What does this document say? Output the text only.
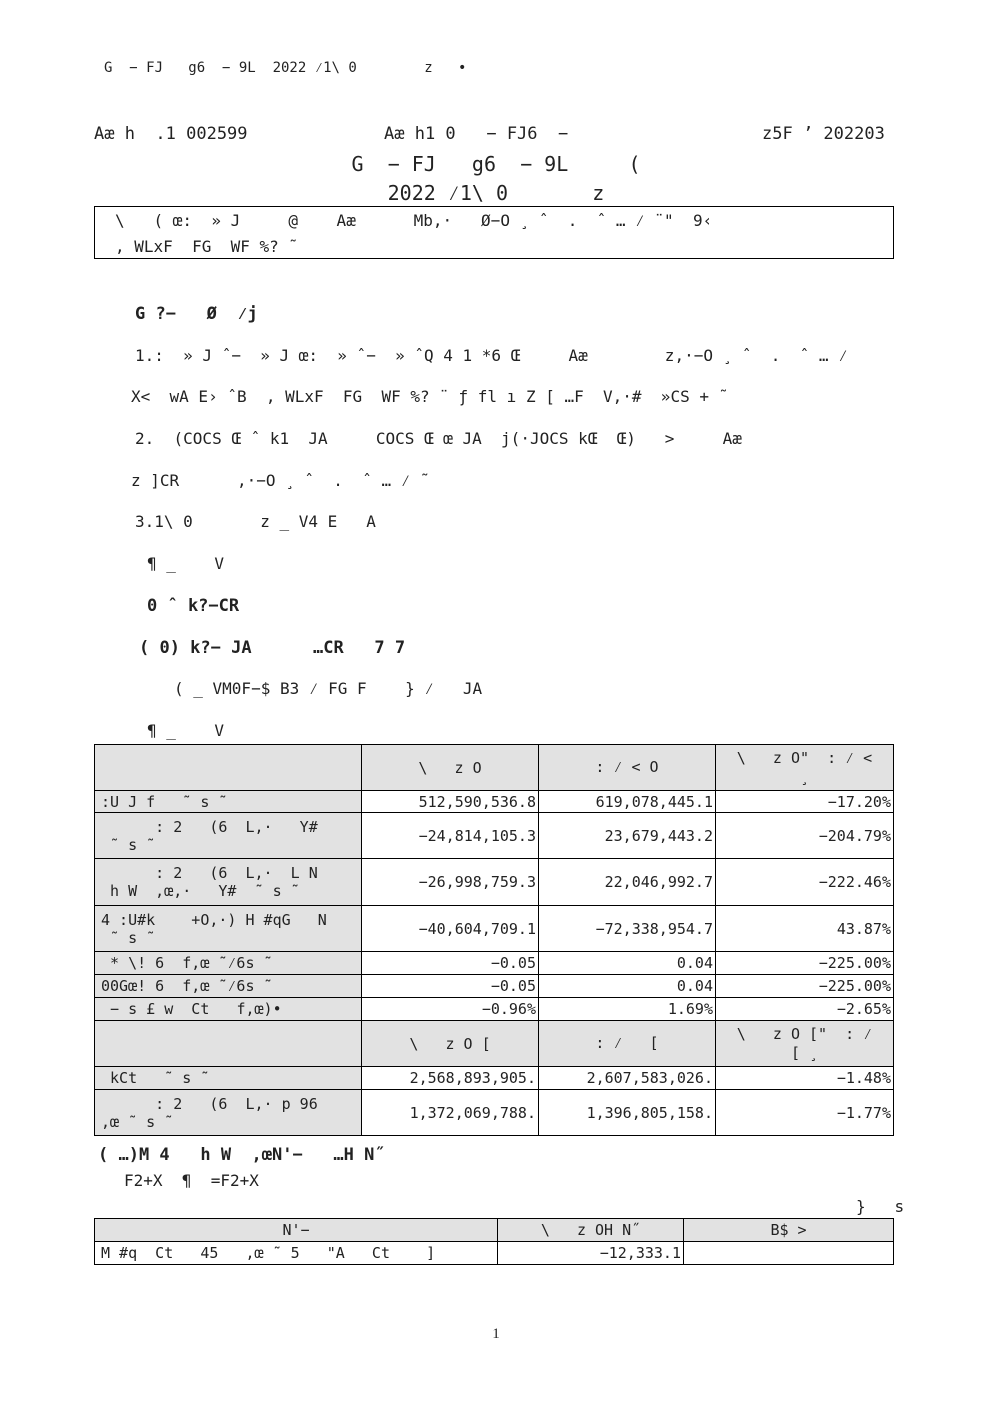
G  − FJ   g6  − 9L  2022 ⁄1\ 0        z   •
Aæ h  .1 002599	Aæ h1 0   − FJ6  −	z5F ’ 202203
G  − FJ   g6  − 9L     (
2022 ⁄1\ 0       z
\   ( œ:  » J     @    Aæ      Mb,·   Ø−O ¸ ˆ  .  ˆ … ⁄ ¨"  9‹
, WLxF  FG  WF %? ˜
G ?−   Ø  ⁄j
1.:  » J ˆ−  » J œ:  » ˆ−  » ˆQ 4 1 *6 Œ     Aæ        z,·−O ¸ ˆ  .  ˆ … ⁄
X<  wA E› ˆB  , WLxF  FG  WF %? ¨ ƒ fl ı Z [ …F  V,·#  »CS + ˜
2.  (COCS Œ ˆ k1  JA     COCS Œ œ JA  j(·JOCS kŒ  Œ)   >     Aæ
z ]CR      ,·−O ¸ ˆ  .  ˆ … ⁄ ˜
3.1\ 0       z _ V4 E   A
¶ _    V
0 ˆ k?−CR
( 0) k?− JA      …CR   7 7
( _ VM0F−$ B3 ⁄ FG F    } ⁄   JA
¶ _    V
	\   z O	: ⁄ < O	\   z O"  : ⁄ <
¸
:U J f   ˜ s ˜	512,590,536.8	619,078,445.1	−17.20%
: 2   (6  L,·   Y#
˜ s ˜	−24,814,105.3	23,679,443.2	−204.79%
: 2   (6  L,·  L N
h W  ,œ,·   Y#  ˜ s ˜	−26,998,759.3	22,046,992.7	−222.46%
4 :U#k    +O,·) H #qG   N
˜ s ˜	−40,604,709.1	−72,338,954.7	43.87%
* \! 6  f,œ ˜⁄6s ˜	−0.05	0.04	−225.00%
00Gœ! 6  f,œ ˜⁄6s ˜	−0.05	0.04	−225.00%
− s £ w  Ct   f,œ)•	−0.96%	1.69%	−2.65%
	\   z O [	: ⁄   [	\   z O ["  : ⁄
[ ¸
kCt   ˜ s ˜	2,568,893,905.	2,607,583,026.	−1.48%
: 2   (6  L,· p 96
,œ ˜ s ˜	1,372,069,788.	1,396,805,158.	−1.77%
( …)M 4   h W  ,œN'−   …H N˝
F2+X  ¶  =F2+X
}   s
N'−	\   z OH N˝	B$ >
M #q  Ct   45   ,œ ˜ 5   "A   Ct    ]	−12,333.1	
1
